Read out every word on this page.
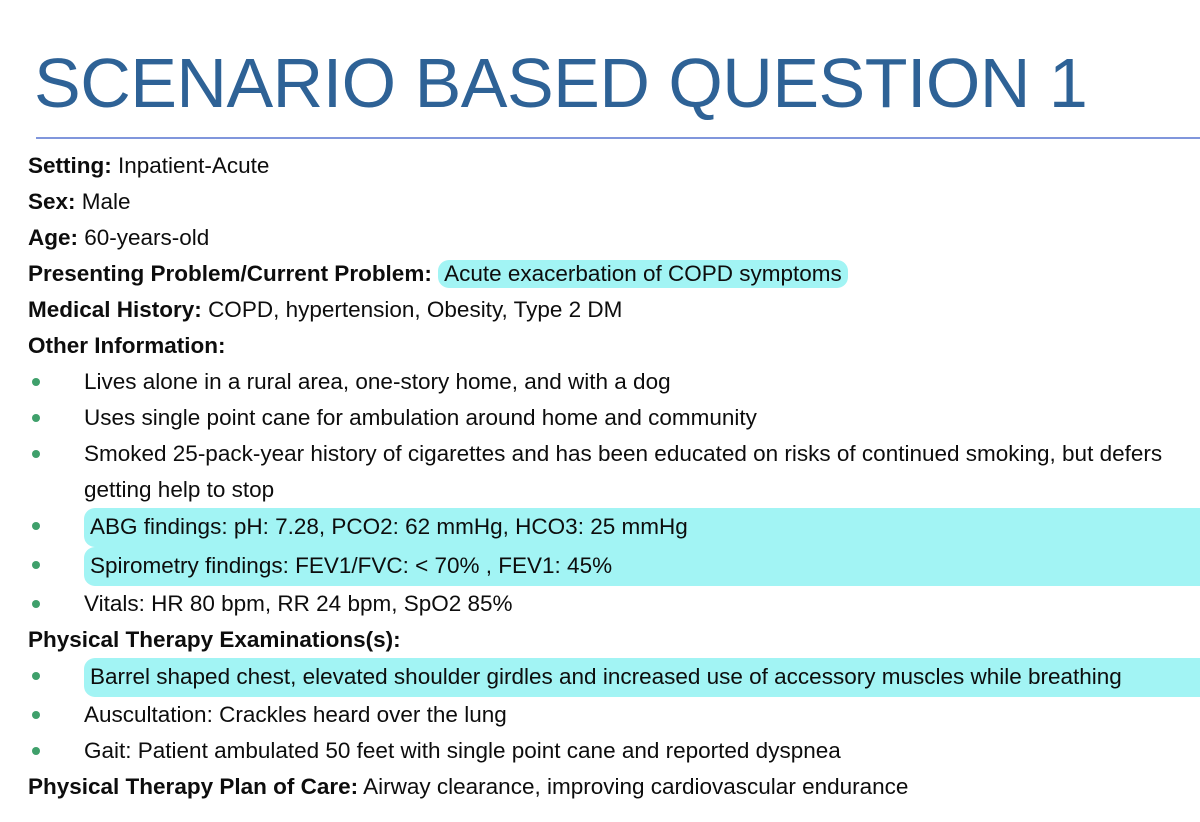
SCENARIO BASED QUESTION 1
Setting: Inpatient-Acute
Sex: Male
Age: 60-years-old
Presenting Problem/Current Problem: Acute exacerbation of COPD symptoms
Medical History: COPD, hypertension, Obesity, Type 2 DM
Other Information:
Lives alone in a rural area, one-story home, and with a dog
Uses single point cane for ambulation around home and community
Smoked 25-pack-year history of cigarettes and has been educated on risks of continued smoking, but defers getting help to stop
ABG findings: pH: 7.28, PCO2: 62 mmHg, HCO3: 25 mmHg
Spirometry findings: FEV1/FVC: < 70% , FEV1: 45%
Vitals: HR 80 bpm, RR 24 bpm, SpO2 85%
Physical Therapy Examinations(s):
Barrel shaped chest, elevated shoulder girdles and increased use of accessory muscles while breathing
Auscultation: Crackles heard over the lung
Gait: Patient ambulated 50 feet with single point cane and reported dyspnea
Physical Therapy Plan of Care: Airway clearance, improving cardiovascular endurance
